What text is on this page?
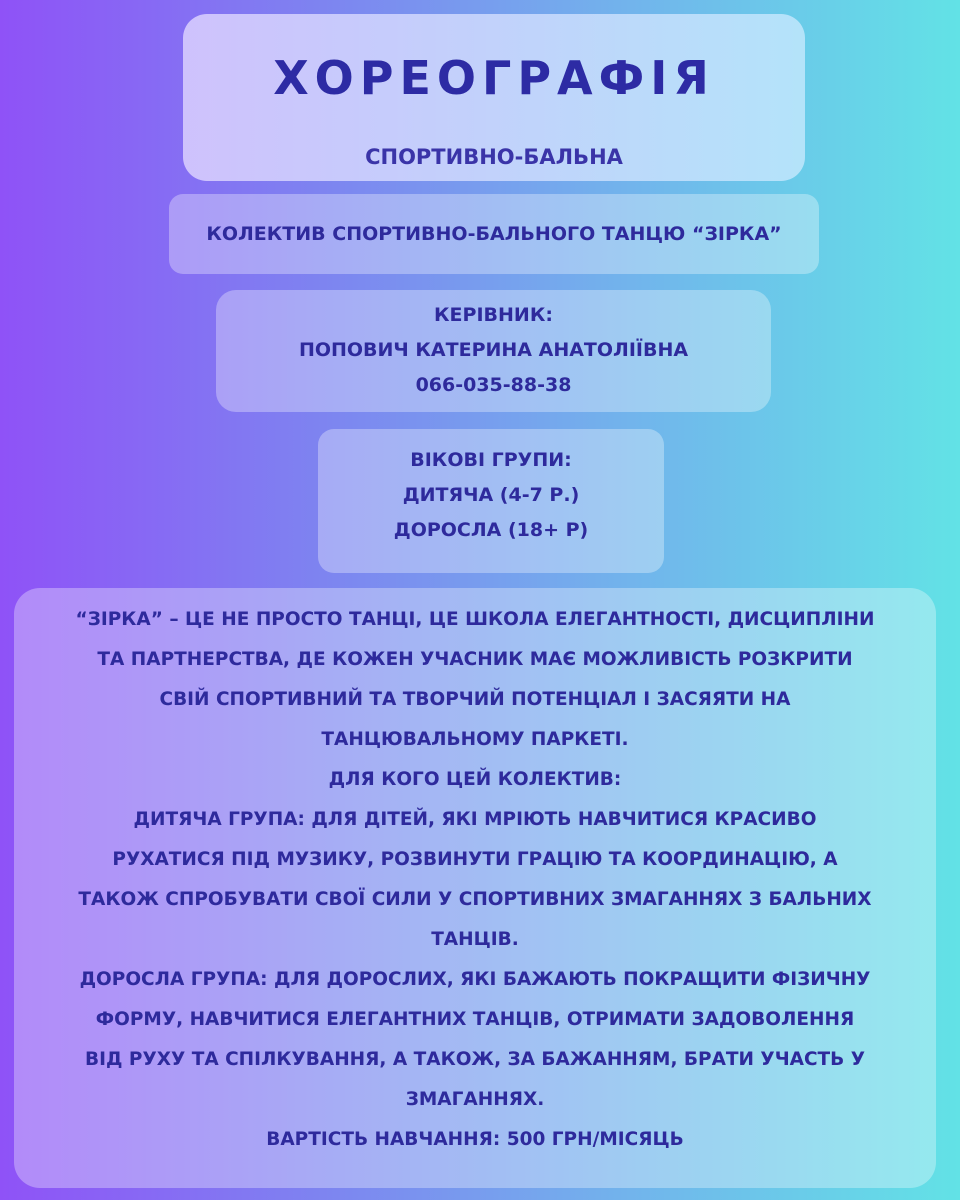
ХОРЕОГРАФІЯ
СПОРТИВНО-БАЛЬНА
КОЛЕКТИВ СПОРТИВНО-БАЛЬНОГО ТАНЦЮ “ЗІРКА”
КЕРІВНИК:
ПОПОВИЧ КАТЕРИНА АНАТОЛІЇВНА
066-035-88-38
ВІКОВІ ГРУПИ:
ДИТЯЧА (4-7 Р.)
ДОРОСЛА (18+ Р)
“ЗІРКА” – ЦЕ НЕ ПРОСТО ТАНЦІ, ЦЕ ШКОЛА ЕЛЕГАНТНОСТІ, ДИСЦИПЛІНИ
ТА ПАРТНЕРСТВА, ДЕ КОЖЕН УЧАСНИК МАЄ МОЖЛИВІСТЬ РОЗКРИТИ
СВІЙ СПОРТИВНИЙ ТА ТВОРЧИЙ ПОТЕНЦІАЛ І ЗАСЯЯТИ НА
ТАНЦЮВАЛЬНОМУ ПАРКЕТІ.
ДЛЯ КОГО ЦЕЙ КОЛЕКТИВ:
ДИТЯЧА ГРУПА: ДЛЯ ДІТЕЙ, ЯКІ МРІЮТЬ НАВЧИТИСЯ КРАСИВО
РУХАТИСЯ ПІД МУЗИКУ, РОЗВИНУТИ ГРАЦІЮ ТА КООРДИНАЦІЮ, А
ТАКОЖ СПРОБУВАТИ СВОЇ СИЛИ У СПОРТИВНИХ ЗМАГАННЯХ З БАЛЬНИХ
ТАНЦІВ.
ДОРОСЛА ГРУПА: ДЛЯ ДОРОСЛИХ, ЯКІ БАЖАЮТЬ ПОКРАЩИТИ ФІЗИЧНУ
ФОРМУ, НАВЧИТИСЯ ЕЛЕГАНТНИХ ТАНЦІВ, ОТРИМАТИ ЗАДОВОЛЕННЯ
ВІД РУХУ ТА СПІЛКУВАННЯ, А ТАКОЖ, ЗА БАЖАННЯМ, БРАТИ УЧАСТЬ У
ЗМАГАННЯХ.
ВАРТІСТЬ НАВЧАННЯ: 500 ГРН/МІСЯЦЬ
